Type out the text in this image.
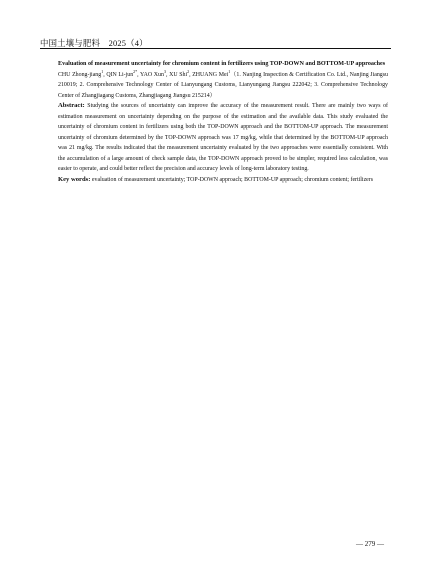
中国土壤与肥料　2025（4）

Evaluation of measurement uncertainty for chromium content in fertilizers using TOP-DOWN and BOTTOM-UP approaches

CHU Zhong-jiang$^1$, QIN Li-jun$^{2*}$, YAO Xun$^3$, XU Shi$^2$, ZHUANG Mei$^1$（1. Nanjing Inspection & Certification Co. Ltd., Nanjing Jiangsu 210019; 2. Comprehensive Technology Center of Lianyungang Customs, Lianyungang Jiangsu 222042; 3. Comprehensive Technology Center of Zhangjiagang Customs, Zhangjiagang Jiangsu 215214）

Abstract: Studying the sources of uncertainty can improve the accuracy of the measurement result. There are mainly two ways of estimation measurement on uncertainty depending on the purpose of the estimation and the available data. This study evaluated the uncertainty of chromium content in fertilizers using both the TOP-DOWN approach and the BOTTOM-UP approach. The measurement uncertainty of chromium determined by the TOP-DOWN approach was 17 mg/kg, while that determined by the BOTTOM-UP approach was 21 mg/kg. The results indicated that the measurement uncertainty evaluated by the two approaches were essentially consistent. With the accumulation of a large amount of check sample data, the TOP-DOWN approach proved to be simpler, required less calculation, was easier to operate, and could better reflect the precision and accuracy levels of long-term laboratory testing.

Key words: evaluation of measurement uncertainty; TOP-DOWN approach; BOTTOM-UP approach; chromium content; fertilizers

— 279 —
